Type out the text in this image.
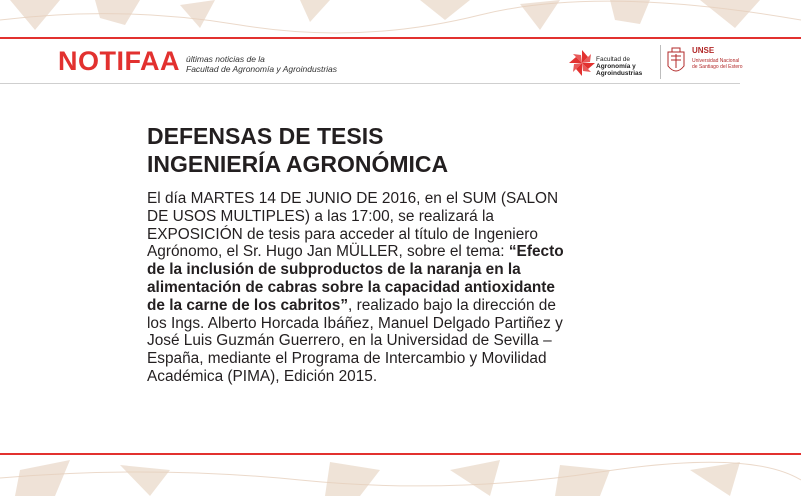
NOTIFAA últimas noticias de la
Facultad de Agronomía y Agroindustrias
Facultad de
Agronomía y
Agroindustrias
UNSE
Universidad Nacional
de Santiago del Estero
DEFENSAS DE TESIS
INGENIERÍA AGRONÓMICA
El día MARTES 14 DE JUNIO DE 2016, en el SUM (SALON DE USOS MULTIPLES) a las 17:00, se realizará la EXPOSICIÓN de tesis para acceder al título de Ingeniero Agrónomo, el Sr. Hugo Jan MÜLLER, sobre el tema: “Efecto de la inclusión de subproductos de la naranja en la alimentación de cabras sobre la capacidad antioxidante de la carne de los cabritos”, realizado bajo la dirección de los Ings. Alberto Horcada Ibáñez, Manuel Delgado Partiñez y José Luis Guzmán Guerrero, en la Universidad de Sevilla – España, mediante el Programa de Intercambio y Movilidad Académica (PIMA), Edición 2015.
